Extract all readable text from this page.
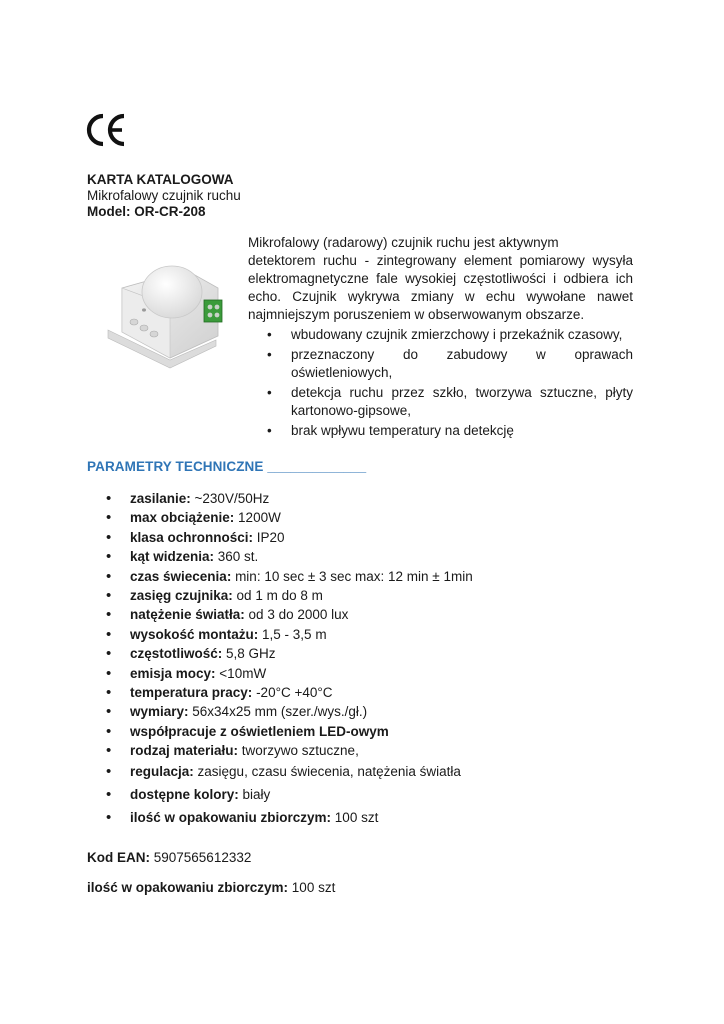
KARTA KATALOGOWA
Mikrofalowy czujnik ruchu
Model: OR-CR-208

Mikrofalowy (radarowy) czujnik ruchu jest aktywnym

detektorem ruchu - zintegrowany element pomiarowy wysyła elektromagnetyczne fale wysokiej częstotliwości i odbiera ich echo. Czujnik wykrywa zmiany w echu wywołane nawet najmniejszym poruszeniem w obserwowanym obszarze.

• wbudowany czujnik zmierzchowy i przekaźnik czasowy,
• przeznaczony do zabudowy w oprawach oświetleniowych,
• detekcja ruchu przez szkło, tworzywa sztuczne, płyty kartonowo-gipsowe,
• brak wpływu temperatury na detekcję
PARAMETRY TECHNICZNE _____________
• zasilanie: ~230V/50Hz
• max obciążenie: 1200W
• klasa ochronności: IP20
• kąt widzenia: 360 st.
• czas świecenia: min: 10 sec ± 3 sec max: 12 min ± 1min
• zasięg czujnika: od 1 m do 8 m
• natężenie światła: od 3 do 2000 lux
• wysokość montażu: 1,5 - 3,5 m
• częstotliwość: 5,8 GHz
• emisja mocy: <10mW
• temperatura pracy: -20°C +40°C
• wymiary: 56x34x25 mm (szer./wys./gł.)
• współpracuje z oświetleniem LED-owym
• rodzaj materiału: tworzywo sztuczne,
• regulacja: zasięgu, czasu świecenia, natężenia światła
• dostępne kolory: biały
• ilość w opakowaniu zbiorczym: 100 szt
Kod EAN: 5907565612332
ilość w opakowaniu zbiorczym: 100 szt
